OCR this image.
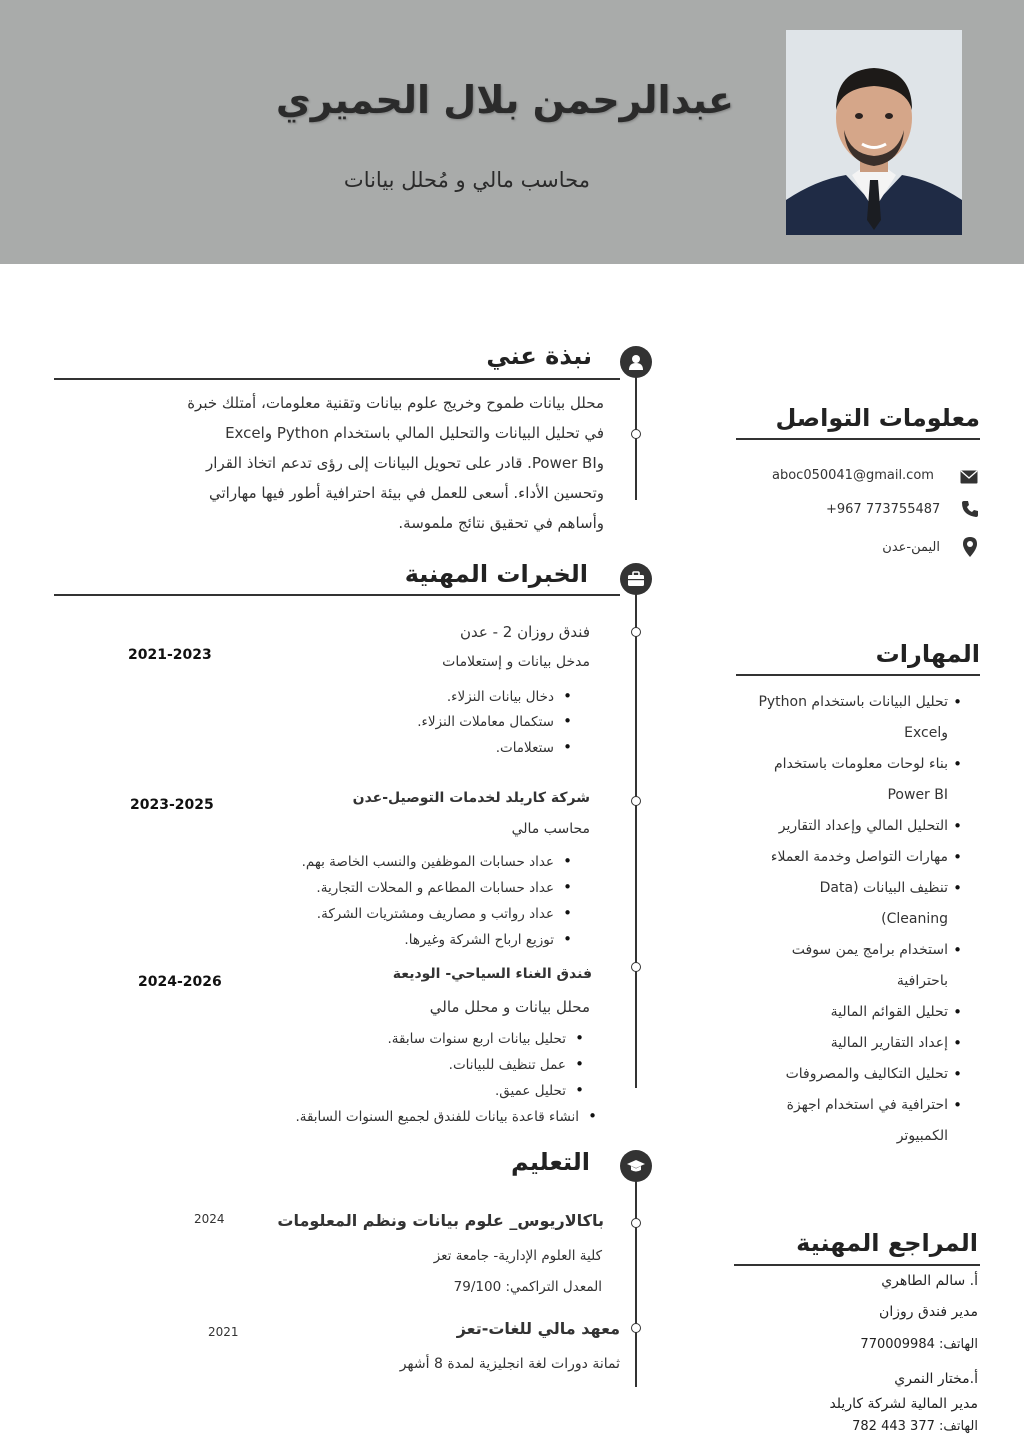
عبدالرحمن بلال الحميري
محاسب مالي و مُحلل بيانات
نبذة عني
محلل بيانات طموح وخريج علوم بيانات وتقنية معلومات، أمتلك خبرة
في تحليل البيانات والتحليل المالي باستخدام Python وExcel
وPower BI. قادر على تحويل البيانات إلى رؤى تدعم اتخاذ القرار
وتحسين الأداء. أسعى للعمل في بيئة احترافية أطور فيها مهاراتي
وأساهم في تحقيق نتائج ملموسة.
الخبرات المهنية
فندق روزان 2 - عدن
2021-2023	مدخل بيانات و إستعلامات
دخال بيانات النزلاء. •
ستكمال معاملات النزلاء. •
ستعلامات. •
شركة كاريلد لخدمات التوصيل-عدن
2023-2025
محاسب مالي
عداد حسابات الموظفين والنسب الخاصة بهم. •
عداد حسابات المطاعم و المحلات التجارية. •
عداد رواتب و مصاريف ومشتريات الشركة. •
توزيع ارباح الشركة وغيرها. •
فندق الغناء السياحي- الوديعة
2024-2026
محلل بيانات و محلل مالي
تحليل بيانات اربع سنوات سابقة. •
عمل تنظيف للبيانات. •
تحليل عميق. •
انشاء قاعدة بيانات للفندق لجميع السنوات السابقة. •
التعليم
باكالاريوس_ علوم بيانات ونظم المعلومات
2024
كلية العلوم الإدارية- جامعة تعز
المعدل التراكمي: 79/100
معهد مالي للغات-تعز
2021
ثمانة دورات لغة انجليزية لمدة 8 أشهر
معلومات التواصل
aboc050041@gmail.com
+967 773755487
اليمن-عدن
المهارات
تحليل البيانات باستخدام Python •
وExcel
بناء لوحات معلومات باستخدام •
Power BI
التحليل المالي وإعداد التقارير •
مهارات التواصل وخدمة العملاء •
تنظيف البيانات (Data •
Cleaning)
استخدام برامج يمن سوفت •
باحترافية
تحليل القوائم المالية •
إعداد التقارير المالية •
تحليل التكاليف والمصروفات •
احترافية في استخدام اجهزة •
الكمبيوتر
المراجع المهنية
أ. سالم الطاهري
مدير فندق روزان
الهاتف: 770009984
أ.مختار النمري
مدير المالية لشركة كاريلد
الهاتف: 377 443 782
